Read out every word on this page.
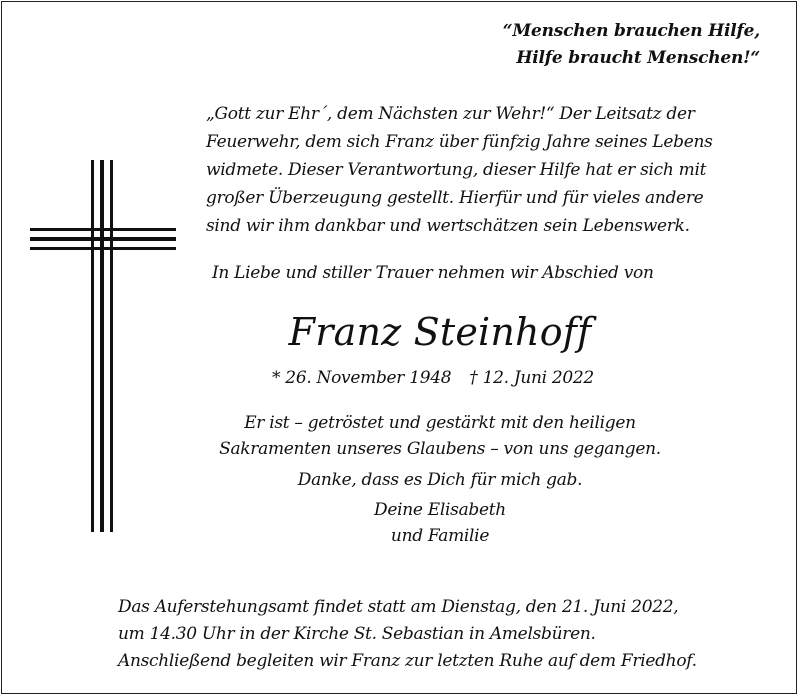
“Menschen brauchen Hilfe,
Hilfe braucht Menschen!“
„Gott zur Ehr´, dem Nächsten zur Wehr!“ Der Leitsatz der
Feuerwehr, dem sich Franz über fünfzig Jahre seines Lebens
widmete. Dieser Verantwortung, dieser Hilfe hat er sich mit
großer Überzeugung gestellt. Hierfür und für vieles andere
sind wir ihm dankbar und wertschätzen sein Lebenswerk.
In Liebe und stiller Trauer nehmen wir Abschied von
Franz Steinhoff
* 26. November 1948 † 12. Juni 2022
Er ist – getröstet und gestärkt mit den heiligen
Sakramenten unseres Glaubens – von uns gegangen.
Danke, dass es Dich für mich gab.
Deine Elisabeth
und Familie
Das Auferstehungsamt findet statt am Dienstag, den 21. Juni 2022,
um 14.30 Uhr in der Kirche St. Sebastian in Amelsbüren.
Anschließend begleiten wir Franz zur letzten Ruhe auf dem Friedhof.
